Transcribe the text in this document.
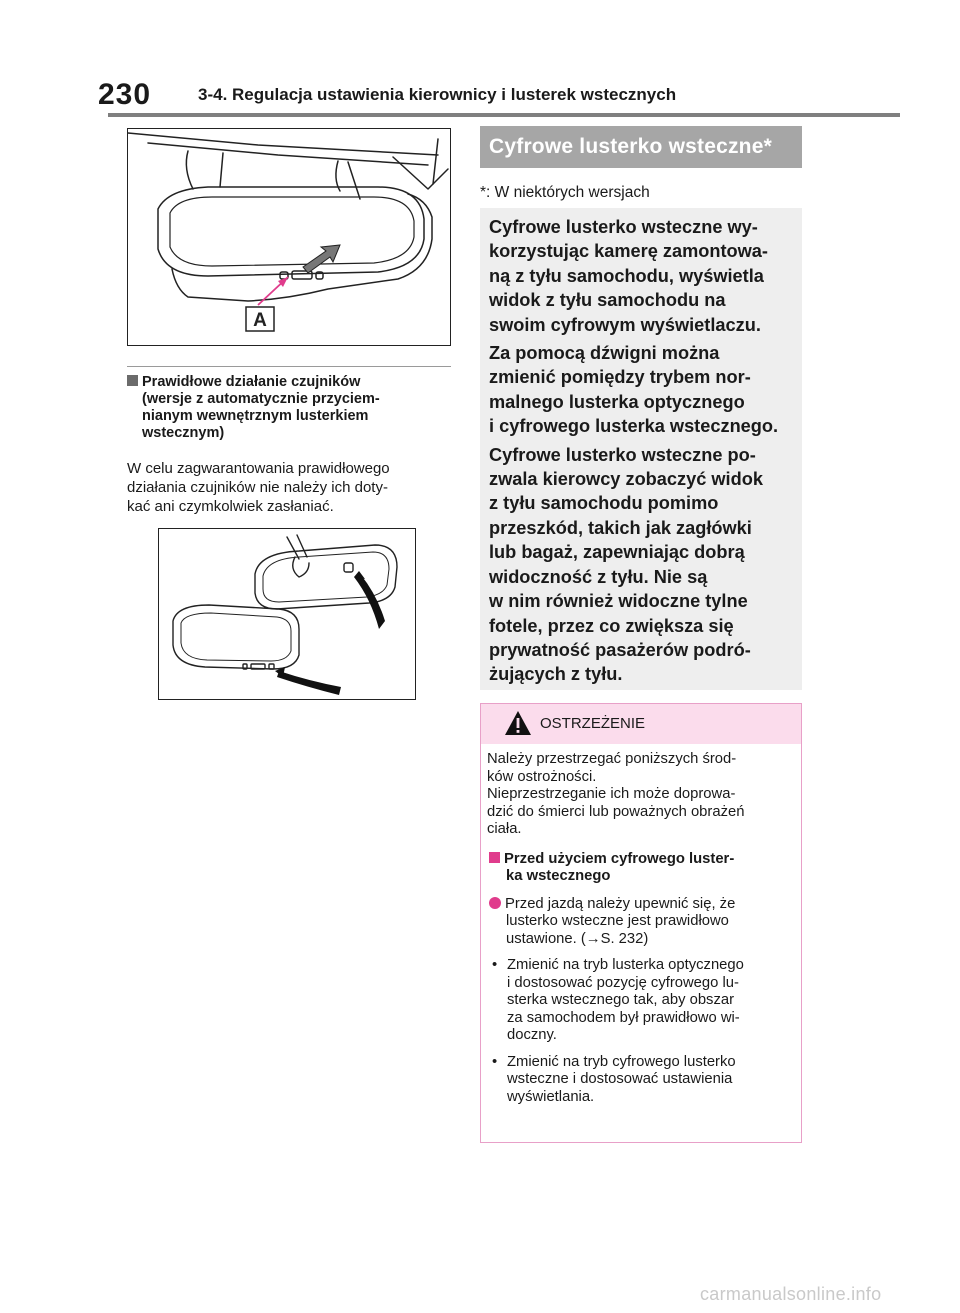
230	3-4. Regulacja ustawienia kierownicy i lusterek wstecznych
A
Prawidłowe działanie czujników
(wersje z automatycznie przyciem-
nianym wewnętrznym lusterkiem
wstecznym)
W celu zagwarantowania prawidłowego
działania czujników nie należy ich doty-
kać ani czymkolwiek zasłaniać.
Cyfrowe lusterko wsteczne*
*: W niektórych wersjach

Cyfrowe lusterko wsteczne wy-
korzystując kamerę zamontowa-
ną z tyłu samochodu, wyświetla
widok z tyłu samochodu na
swoim cyfrowym wyświetlaczu.

Za pomocą dźwigni można
zmienić pomiędzy trybem nor-
malnego lusterka optycznego
i cyfrowego lusterka wstecznego.

Cyfrowe lusterko wsteczne po-
zwala kierowcy zobaczyć widok
z tyłu samochodu pomimo
przeszkód, takich jak zagłówki
lub bagaż, zapewniając dobrą
widoczność z tyłu. Nie są
w nim również widoczne tylne
fotele, przez co zwiększa się
prywatność pasażerów podró-
żujących z tyłu.

OSTRZEŻENIE
Należy przestrzegać poniższych środ-
ków ostrożności.
Nieprzestrzeganie ich może doprowa-
dzić do śmierci lub poważnych obrażeń
ciała.
Przed użyciem cyfrowego luster-
ka wstecznego
Przed jazdą należy upewnić się, że
lusterko wsteczne jest prawidłowo
ustawione. (→S. 232)
• Zmienić na tryb lusterka optycznego
i dostosować pozycję cyfrowego lu-
sterka wstecznego tak, aby obszar
za samochodem był prawidłowo wi-
doczny.
• Zmienić na tryb cyfrowego lusterko
wsteczne i dostosować ustawienia
wyświetlania.
carmanualsonline.info
